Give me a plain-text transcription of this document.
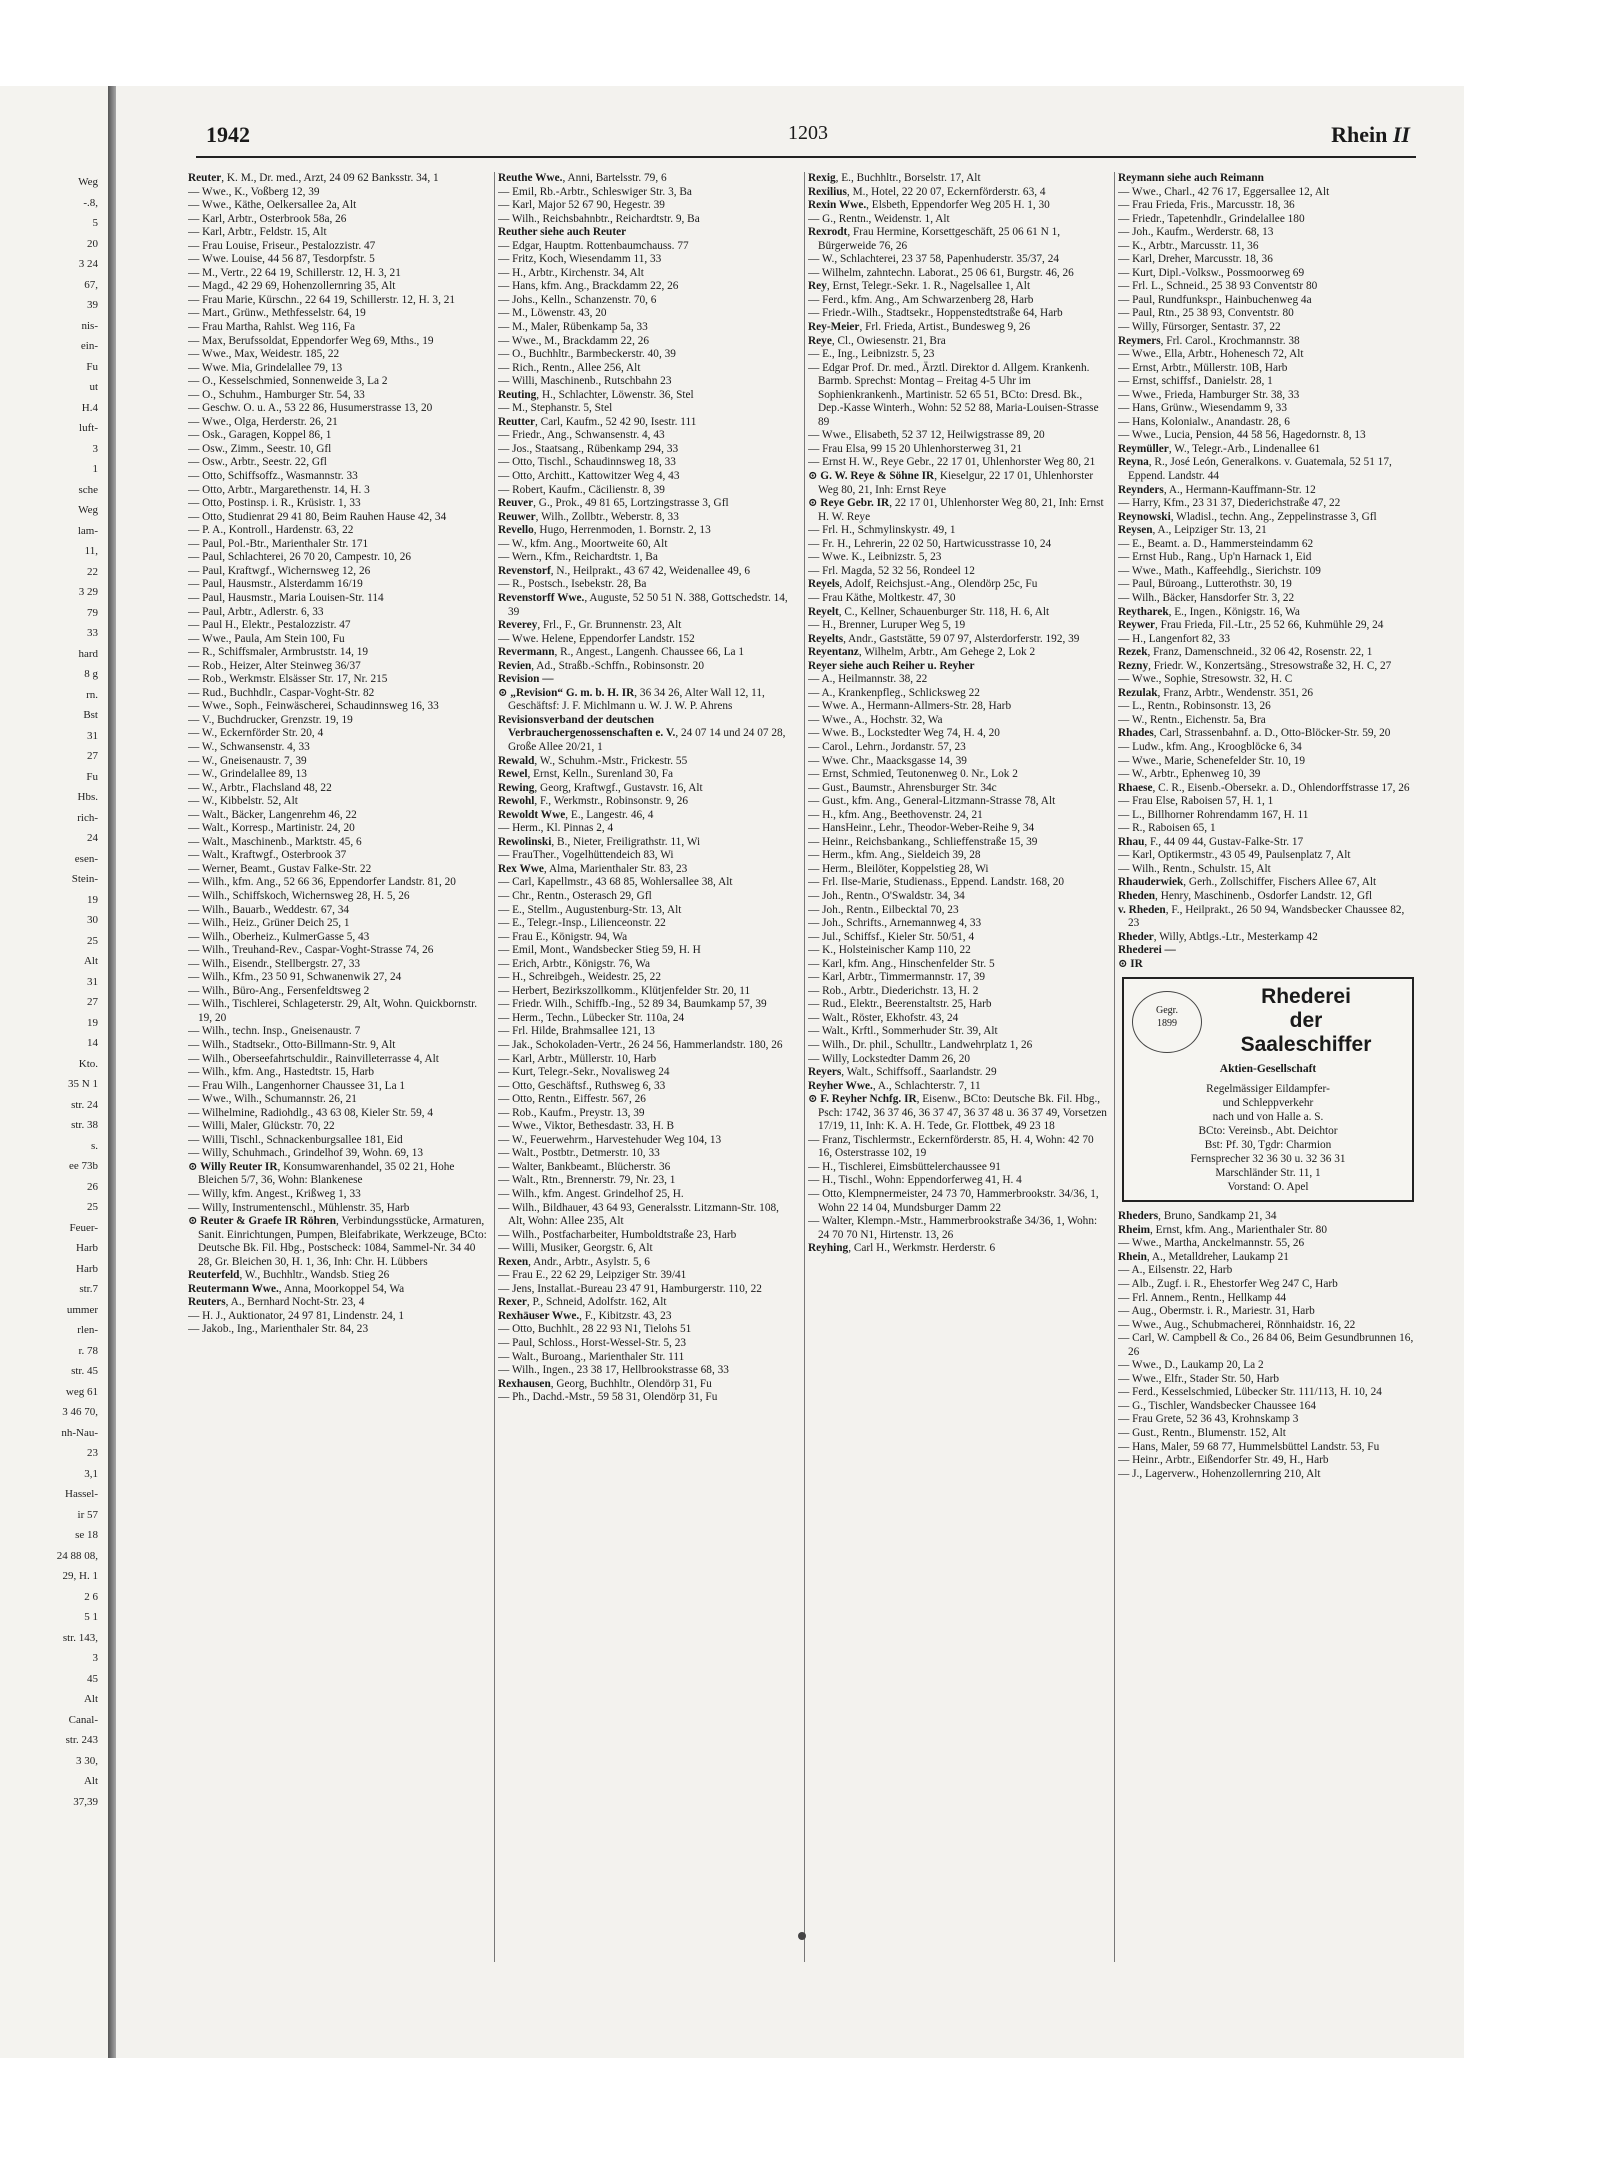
Weg
-.8,
5
20
3 24
67,
39
nis-
ein-
Fu
ut
H.4
luft-
3
1
sche
Weg
lam-
11,
22
3 29
79
33
hard
8 g
rn.
Bst
31
27
Fu
Hbs.
rich-
24
esen-
Stein-
19
30
25
Alt
31
27
19
14
Kto.
35 N 1
str. 24
str. 38
s.
ee 73b
26
25
Feuer-
Harb
Harb
str.7
ummer
rlen-
r. 78
str. 45
weg 61
3 46 70,
nh-Nau-
23
3,1
Hassel-
ir 57
se 18
24 88 08,
29, H. 1
2 6
5 1
str. 143,
3
45
Alt
Canal-
str. 243
3 30,
Alt
37,39
1942	1203	Rhein II

Reuter, K. M., Dr. med., Arzt, 24 09 62 Banksstr. 34, 1

— Wwe., K., Voßberg 12, 39

— Wwe., Käthe, Oelkersallee 2a, Alt

— Karl, Arbtr., Osterbrook 58a, 26

— Karl, Arbtr., Feldstr. 15, Alt

— Frau Louise, Friseur., Pestalozzistr. 47

— Wwe. Louise, 44 56 87, Tesdorpfstr. 5

— M., Vertr., 22 64 19, Schillerstr. 12, H. 3, 21

— Magd., 42 29 69, Hohenzollernring 35, Alt

— Frau Marie, Kürschn., 22 64 19, Schillerstr. 12, H. 3, 21

— Mart., Grünw., Methfesselstr. 64, 19

— Frau Martha, Rahlst. Weg 116, Fa

— Max, Berufssoldat, Eppendorfer Weg 69, Mths., 19

— Wwe., Max, Weidestr. 185, 22

— Wwe. Mia, Grindelallee 79, 13

— O., Kesselschmied, Sonnenweide 3, La 2

— O., Schuhm., Hamburger Str. 54, 33

— Geschw. O. u. A., 53 22 86, Husumerstrasse 13, 20

— Wwe., Olga, Herderstr. 26, 21

— Osk., Garagen, Koppel 86, 1

— Osw., Zimm., Seestr. 10, Gfl

— Osw., Arbtr., Seestr. 22, Gfl

— Otto, Schiffsoffz., Wasmannstr. 33

— Otto, Arbtr., Margarethenstr. 14, H. 3

— Otto, Postinsp. i. R., Krüsistr. 1, 33

— Otto, Studienrat 29 41 80, Beim Rauhen Hause 42, 34

— P. A., Kontroll., Hardenstr. 63, 22

— Paul, Pol.-Btr., Marienthaler Str. 171

— Paul, Schlachterei, 26 70 20, Campestr. 10, 26

— Paul, Kraftwgf., Wichernsweg 12, 26

— Paul, Hausmstr., Alsterdamm 16/19

— Paul, Hausmstr., Maria Louisen-Str. 114

— Paul, Arbtr., Adlerstr. 6, 33

— Paul H., Elektr., Pestalozzistr. 47

— Wwe., Paula, Am Stein 100, Fu

— R., Schiffsmaler, Armbruststr. 14, 19

— Rob., Heizer, Alter Steinweg 36/37

— Rob., Werkmstr. Elsässer Str. 17, Nr. 215

— Rud., Buchhdlr., Caspar-Voght-Str. 82

— Wwe., Soph., Feinwäscherei, Schaudinnsweg 16, 33

— V., Buchdrucker, Grenzstr. 19, 19

— W., Eckernförder Str. 20, 4

— W., Schwansenstr. 4, 33

— W., Gneisenaustr. 7, 39

— W., Grindelallee 89, 13

— W., Arbtr., Flachsland 48, 22

— W., Kibbelstr. 52, Alt

— Walt., Bäcker, Langenrehm 46, 22

— Walt., Korresp., Martinistr. 24, 20

— Walt., Maschinenb., Marktstr. 45, 6

— Walt., Kraftwgf., Osterbrook 37

— Werner, Beamt., Gustav Falke-Str. 22

— Wilh., kfm. Ang., 52 66 36, Eppendorfer Landstr. 81, 20

— Wilh., Schiffskoch, Wichernsweg 28, H. 5, 26

— Wilh., Bauarb., Weddestr. 67, 34

— Wilh., Heiz., Grüner Deich 25, 1

— Wilh., Oberheiz., KulmerGasse 5, 43

— Wilh., Treuhand-Rev., Caspar-Voght-Strasse 74, 26

— Wilh., Eisendr., Stellbergstr. 27, 33

— Wilh., Kfm., 23 50 91, Schwanenwik 27, 24

— Wilh., Büro-Ang., Fersenfeldtsweg 2

— Wilh., Tischlerei, Schlageterstr. 29, Alt, Wohn. Quickbornstr. 19, 20

— Wilh., techn. Insp., Gneisenaustr. 7

— Wilh., Stadtsekr., Otto-Billmann-Str. 9, Alt

— Wilh., Oberseefahrtschuldir., Rainvilleterrasse 4, Alt

— Wilh., kfm. Ang., Hastedtstr. 15, Harb

— Frau Wilh., Langenhorner Chaussee 31, La 1

— Wwe., Wilh., Schumannstr. 26, 21

— Wilhelmine, Radiohdlg., 43 63 08, Kieler Str. 59, 4

— Willi, Maler, Glückstr. 70, 22

— Willi, Tischl., Schnackenburgsallee 181, Eid

— Willy, Schuhmach., Grindelhof 39, Wohn. 69, 13

⊙ Willy Reuter IR, Konsumwarenhandel, 35 02 21, Hohe Bleichen 5/7, 36, Wohn: Blankenese

— Willy, kfm. Angest., Krißweg 1, 33

— Willy, Instrumentenschl., Mühlenstr. 35, Harb

⊙ Reuter & Graefe IR Röhren, Verbindungsstücke, Armaturen, Sanit. Einrichtungen, Pumpen, Bleifabrikate, Werkzeuge, BCto: Deutsche Bk. Fil. Hbg., Postscheck: 1084, Sammel-Nr. 34 40 28, Gr. Bleichen 30, H. 1, 36, Inh: Chr. H. Lübbers

Reuterfeld, W., Buchhltr., Wandsb. Stieg 26

Reutermann Wwe., Anna, Moorkoppel 54, Wa

Reuters, A., Bernhard Nocht-Str. 23, 4

— H. J., Auktionator, 24 97 81, Lindenstr. 24, 1

— Jakob., Ing., Marienthaler Str. 84, 23

Reuthe Wwe., Anni, Bartelsstr. 79, 6

— Emil, Rb.-Arbtr., Schleswiger Str. 3, Ba

— Karl, Major 52 67 90, Hegestr. 39

— Wilh., Reichsbahnbtr., Reichardtstr. 9, Ba

Reuther siehe auch Reuter

— Edgar, Hauptm. Rottenbaumchauss. 77

— Fritz, Koch, Wiesendamm 11, 33

— H., Arbtr., Kirchenstr. 34, Alt

— Hans, kfm. Ang., Brackdamm 22, 26

— Johs., Kelln., Schanzenstr. 70, 6

— M., Löwenstr. 43, 20

— M., Maler, Rübenkamp 5a, 33

— Wwe., M., Brackdamm 22, 26

— O., Buchhltr., Barmbeckerstr. 40, 39

— Rich., Rentn., Allee 256, Alt

— Willi, Maschinenb., Rutschbahn 23

Reuting, H., Schlachter, Löwenstr. 36, Stel

— M., Stephanstr. 5, Stel

Reutter, Carl, Kaufm., 52 42 90, Isestr. 111

— Friedr., Ang., Schwansenstr. 4, 43

— Jos., Staatsang., Rübenkamp 294, 33

— Otto, Tischl., Schaudinnsweg 18, 33

— Otto, Architt., Kattowitzer Weg 4, 43

— Robert, Kaufm., Cäcilienstr. 8, 39

Reuver, G., Prok., 49 81 65, Lortzingstrasse 3, Gfl

Reuwer, Wilh., Zollbtr., Weberstr. 8, 33

Revello, Hugo, Herrenmoden, 1. Bornstr. 2, 13

— W., kfm. Ang., Moortweite 60, Alt

— Wern., Kfm., Reichardtstr. 1, Ba

Revenstorf, N., Heilprakt., 43 67 42, Weidenallee 49, 6

— R., Postsch., Isebekstr. 28, Ba

Revenstorff Wwe., Auguste, 52 50 51 N. 388, Gottschedstr. 14, 39

Reverey, Frl., F., Gr. Brunnenstr. 23, Alt

— Wwe. Helene, Eppendorfer Landstr. 152

Revermann, R., Angest., Langenh. Chaussee 66, La 1

Revien, Ad., Straßb.-Schffn., Robinsonstr. 20

Revision —

⊙ „Revision“ G. m. b. H. IR, 36 34 26, Alter Wall 12, 11, Geschäftsf: J. F. Michlmann u. W. J. W. P. Ahrens

Revisionsverband der deutschen Verbrauchergenossenschaften e. V., 24 07 14 und 24 07 28, Große Allee 20/21, 1

Rewald, W., Schuhm.-Mstr., Frickestr. 55

Rewel, Ernst, Kelln., Surenland 30, Fa

Rewing, Georg, Kraftwgf., Gustavstr. 16, Alt

Rewohl, F., Werkmstr., Robinsonstr. 9, 26

Rewoldt Wwe, E., Langestr. 46, 4

— Herm., Kl. Pinnas 2, 4

Rewolinski, B., Nieter, Freiligrathstr. 11, Wi

— FrauTher., Vogelhüttendeich 83, Wi

Rex Wwe, Alma, Marienthaler Str. 83, 23

— Carl, Kapellmstr., 43 68 85, Wohlersallee 38, Alt

— Chr., Rentn., Osterasch 29, Gfl

— E., Stellm., Augustenburg-Str. 13, Alt

— E., Telegr.-Insp., Lilienceonstr. 22

— Frau E., Königstr. 94, Wa

— Emil, Mont., Wandsbecker Stieg 59, H. H

— Erich, Arbtr., Königstr. 76, Wa

— H., Schreibgeh., Weidestr. 25, 22

— Herbert, Bezirkszollkomm., Klütjenfelder Str. 20, 11

— Friedr. Wilh., Schiffb.-Ing., 52 89 34, Baumkamp 57, 39

— Herm., Techn., Lübecker Str. 110a, 24

— Frl. Hilde, Brahmsallee 121, 13

— Jak., Schokoladen-Vertr., 26 24 56, Hammerlandstr. 180, 26

— Karl, Arbtr., Müllerstr. 10, Harb

— Kurt, Telegr.-Sekr., Novalisweg 24

— Otto, Geschäftsf., Ruthsweg 6, 33

— Otto, Rentn., Eiffestr. 567, 26

— Rob., Kaufm., Preystr. 13, 39

— Wwe., Viktor, Bethesdastr. 33, H. B

— W., Feuerwehrm., Harvestehuder Weg 104, 13

— Walt., Postbtr., Detmerstr. 10, 33

— Walter, Bankbeamt., Blücherstr. 36

— Walt., Rtn., Brennerstr. 79, Nr. 23, 1

— Wilh., kfm. Angest. Grindelhof 25, H.

— Wilh., Bildhauer, 43 64 93, Generalsstr. Litzmann-Str. 108, Alt, Wohn: Allee 235, Alt

— Wilh., Postfacharbeiter, Humboldtstraße 23, Harb

— Willi, Musiker, Georgstr. 6, Alt

Rexen, Andr., Arbtr., Asylstr. 5, 6

— Frau E., 22 62 29, Leipziger Str. 39/41

— Jens, Installat.-Bureau 23 47 91, Hamburgerstr. 110, 22

Rexer, P., Schneid, Adolfstr. 162, Alt

Rexhäuser Wwe., F., Kibitzstr. 43, 23

— Otto, Buchhlt., 28 22 93 N1, Tielohs 51

— Paul, Schloss., Horst-Wessel-Str. 5, 23

— Walt., Buroang., Marienthaler Str. 111

— Wilh., Ingen., 23 38 17, Hellbrookstrasse 68, 33

Rexhausen, Georg, Buchhltr., Olendörp 31, Fu

— Ph., Dachd.-Mstr., 59 58 31, Olendörp 31, Fu

Rexig, E., Buchhltr., Borselstr. 17, Alt

Rexilius, M., Hotel, 22 20 07, Eckernförderstr. 63, 4

Rexin Wwe., Elsbeth, Eppendorfer Weg 205 H. 1, 30

— G., Rentn., Weidenstr. 1, Alt

Rexrodt, Frau Hermine, Korsettgeschäft, 25 06 61 N 1, Bürgerweide 76, 26

— W., Schlachterei, 23 37 58, Papenhuderstr. 35/37, 24

— Wilhelm, zahntechn. Laborat., 25 06 61, Burgstr. 46, 26

Rey, Ernst, Telegr.-Sekr. 1. R., Nagelsallee 1, Alt

— Ferd., kfm. Ang., Am Schwarzenberg 28, Harb

— Friedr.-Wilh., Stadtsekr., Hoppenstedtstraße 64, Harb

Rey-Meier, Frl. Frieda, Artist., Bundesweg 9, 26

Reye, Cl., Owiesenstr. 21, Bra

— E., Ing., Leibnizstr. 5, 23

— Edgar Prof. Dr. med., Ärztl. Direktor d. Allgem. Krankenh. Barmb. Sprechst: Montag – Freitag 4-5 Uhr im Sophienkrankenh., Martinistr. 52 65 51, BCto: Dresd. Bk., Dep.-Kasse Winterh., Wohn: 52 52 88, Maria-Louisen-Strasse 89

— Wwe., Elisabeth, 52 37 12, Heilwigstrasse 89, 20

— Frau Elsa, 99 15 20 Uhlenhorsterweg 31, 21

— Ernst H. W., Reye Gebr., 22 17 01, Uhlenhorster Weg 80, 21

⊙ G. W. Reye & Söhne IR, Kieselgur, 22 17 01, Uhlenhorster Weg 80, 21, Inh: Ernst Reye

⊙ Reye Gebr. IR, 22 17 01, Uhlenhorster Weg 80, 21, Inh: Ernst H. W. Reye

— Frl. H., Schmylinskystr. 49, 1

— Fr. H., Lehrerin, 22 02 50, Hartwicusstrasse 10, 24

— Wwe. K., Leibnizstr. 5, 23

— Frl. Magda, 52 32 56, Rondeel 12

Reyels, Adolf, Reichsjust.-Ang., Olendörp 25c, Fu

— Frau Käthe, Moltkestr. 47, 30

Reyelt, C., Kellner, Schauenburger Str. 118, H. 6, Alt

— H., Brenner, Luruper Weg 5, 19

Reyelts, Andr., Gaststätte, 59 07 97, Alsterdorferstr. 192, 39

Reyentanz, Wilhelm, Arbtr., Am Gehege 2, Lok 2

Reyer siehe auch Reiher u. Reyher

— A., Heilmannstr. 38, 22

— A., Krankenpfleg., Schlicksweg 22

— Wwe. A., Hermann-Allmers-Str. 28, Harb

— Wwe., A., Hochstr. 32, Wa

— Wwe. B., Lockstedter Weg 74, H. 4, 20

— Carol., Lehrn., Jordanstr. 57, 23

— Wwe. Chr., Maacksgasse 14, 39

— Ernst, Schmied, Teutonenweg 0. Nr., Lok 2

— Gust., Baumstr., Ahrensburger Str. 34c

— Gust., kfm. Ang., General-Litzmann-Strasse 78, Alt

— H., kfm. Ang., Beethovenstr. 24, 21

— HansHeinr., Lehr., Theodor-Weber-Reihe 9, 34

— Heinr., Reichsbankang., Schlieffenstraße 15, 39

— Herm., kfm. Ang., Sieldeich 39, 28

— Herm., Bleilöter, Koppelstieg 28, Wi

— Frl. Ilse-Marie, Studienass., Eppend. Landstr. 168, 20

— Joh., Rentn., O'Swaldstr. 34, 34

— Joh., Rentn., Eilbecktal 70, 23

— Joh., Schrifts., Arnemannweg 4, 33

— Jul., Schiffsf., Kieler Str. 50/51, 4

— K., Holsteinischer Kamp 110, 22

— Karl, kfm. Ang., Hinschenfelder Str. 5

— Karl, Arbtr., Timmermannstr. 17, 39

— Rob., Arbtr., Diederichstr. 13, H. 2

— Rud., Elektr., Beerenstaltstr. 25, Harb

— Walt., Röster, Ekhofstr. 43, 24

— Walt., Krftl., Sommerhuder Str. 39, Alt

— Wilh., Dr. phil., Schulltr., Landwehrplatz 1, 26

— Willy, Lockstedter Damm 26, 20

Reyers, Walt., Schiffsoff., Saarlandstr. 29

Reyher Wwe., A., Schlachterstr. 7, 11

⊙ F. Reyher Nchfg. IR, Eisenw., BCto: Deutsche Bk. Fil. Hbg., Psch: 1742, 36 37 46, 36 37 47, 36 37 48 u. 36 37 49, Vorsetzen 17/19, 11, Inh: K. A. H. Tede, Gr. Flottbek, 49 23 18

— Franz, Tischlermstr., Eckernförderstr. 85, H. 4, Wohn: 42 70 16, Osterstrasse 102, 19

— H., Tischlerei, Eimsbüttelerchaussee 91

— H., Tischl., Wohn: Eppendorferweg 41, H. 4

— Otto, Klempnermeister, 24 73 70, Hammerbrookstr. 34/36, 1, Wohn 22 14 04, Mundsburger Damm 22

— Walter, Klempn.-Mstr., Hammerbrookstraße 34/36, 1, Wohn: 24 70 70 N1, Hirtenstr. 13, 26

Reyhing, Carl H., Werkmstr. Herderstr. 6

Reymann siehe auch Reimann

— Wwe., Charl., 42 76 17, Eggersallee 12, Alt

— Frau Frieda, Fris., Marcusstr. 18, 36

— Friedr., Tapetenhdlr., Grindelallee 180

— Joh., Kaufm., Werderstr. 68, 13

— K., Arbtr., Marcusstr. 11, 36

— Karl, Dreher, Marcusstr. 18, 36

— Kurt, Dipl.-Volksw., Possmoorweg 69

— Frl. L., Schneid., 25 38 93 Conventstr 80

— Paul, Rundfunkspr., Hainbuchenweg 4a

— Paul, Rtn., 25 38 93, Conventstr. 80

— Willy, Fürsorger, Sentastr. 37, 22

Reymers, Frl. Carol., Krochmannstr. 38

— Wwe., Ella, Arbtr., Hohenesch 72, Alt

— Ernst, Arbtr., Müllerstr. 10B, Harb

— Ernst, schiffsf., Danielstr. 28, 1

— Wwe., Frieda, Hamburger Str. 38, 33

— Hans, Grünw., Wiesendamm 9, 33

— Hans, Kolonialw., Anandastr. 28, 6

— Wwe., Lucia, Pension, 44 58 56, Hagedornstr. 8, 13

Reymüller, W., Telegr.-Arb., Lindenallee 61

Reyna, R., José León, Generalkons. v. Guatemala, 52 51 17, Eppend. Landstr. 44

Reynders, A., Hermann-Kauffmann-Str. 12

— Harry, Kfm., 23 31 37, Diederichstraße 47, 22

Reynowski, Wladisl., techn. Ang., Zeppelinstrasse 3, Gfl

Reysen, A., Leipziger Str. 13, 21

— E., Beamt. a. D., Hammersteindamm 62

— Ernst Hub., Rang., Up'n Harnack 1, Eid

— Wwe., Math., Kaffeehdlg., Sierichstr. 109

— Paul, Büroang., Lutterothstr. 30, 19

— Wilh., Bäcker, Hansdorfer Str. 3, 22

Reytharek, E., Ingen., Königstr. 16, Wa

Reywer, Frau Frieda, Fil.-Ltr., 25 52 66, Kuhmühle 29, 24

— H., Langenfort 82, 33

Rezek, Franz, Damenschneid., 32 06 42, Rosenstr. 22, 1

Rezny, Friedr. W., Konzertsäng., Stresowstraße 32, H. C, 27

— Wwe., Sophie, Stresowstr. 32, H. C

Rezulak, Franz, Arbtr., Wendenstr. 351, 26

— L., Rentn., Robinsonstr. 13, 26

— W., Rentn., Eichenstr. 5a, Bra

Rhades, Carl, Strassenbahnf. a. D., Otto-Blöcker-Str. 59, 20

— Ludw., kfm. Ang., Kroogblöcke 6, 34

— Wwe., Marie, Schenefelder Str. 10, 19

— W., Arbtr., Ephenweg 10, 39

Rhaese, C. R., Eisenb.-Obersekr. a. D., Ohlendorffstrasse 17, 26

— Frau Else, Raboisen 57, H. 1, 1

— L., Billhorner Rohrendamm 167, H. 11

— R., Raboisen 65, 1

Rhau, F., 44 09 44, Gustav-Falke-Str. 17

— Karl, Optikermstr., 43 05 49, Paulsenplatz 7, Alt

— Wilh., Rentn., Schulstr. 15, Alt

Rhauderwiek, Gerh., Zollschiffer, Fischers Allee 67, Alt

Rheden, Henry, Maschinenb., Osdorfer Landstr. 12, Gfl

v. Rheden, F., Heilprakt., 26 50 94, Wandsbecker Chaussee 82, 23

Rheder, Willy, Abtlgs.-Ltr., Mesterkamp 42

Rhederei —

⊙ IR

Gegr.
1899
Rhederei
der
Saaleschiffer
Aktien-Gesellschaft
Regelmässiger Eildampfer-
und Schleppverkehr
nach und von Halle a. S.
BCto: Vereinsb., Abt. Deichtor
Bst: Pf. 30, Tgdr: Charmion
Fernsprecher 32 36 30 u. 32 36 31
Marschländer Str. 11, 1
Vorstand: O. Apel

Rheders, Bruno, Sandkamp 21, 34

Rheim, Ernst, kfm. Ang., Marienthaler Str. 80

— Wwe., Martha, Anckelmannstr. 55, 26

Rhein, A., Metalldreher, Laukamp 21

— A., Eilsenstr. 22, Harb

— Alb., Zugf. i. R., Ehestorfer Weg 247 C, Harb

— Frl. Annem., Rentn., Hellkamp 44

— Aug., Obermstr. i. R., Mariestr. 31, Harb

— Wwe., Aug., Schubmacherei, Rönnhaidstr. 16, 22

— Carl, W. Campbell & Co., 26 84 06, Beim Gesundbrunnen 16, 26

— Wwe., D., Laukamp 20, La 2

— Wwe., Elfr., Stader Str. 50, Harb

— Ferd., Kesselschmied, Lübecker Str. 111/113, H. 10, 24

— G., Tischler, Wandsbecker Chaussee 164

— Frau Grete, 52 36 43, Krohnskamp 3

— Gust., Rentn., Blumenstr. 152, Alt

— Hans, Maler, 59 68 77, Hummelsbüttel Landstr. 53, Fu

— Heinr., Arbtr., Eißendorfer Str. 49, H., Harb

— J., Lagerverw., Hohenzollernring 210, Alt
